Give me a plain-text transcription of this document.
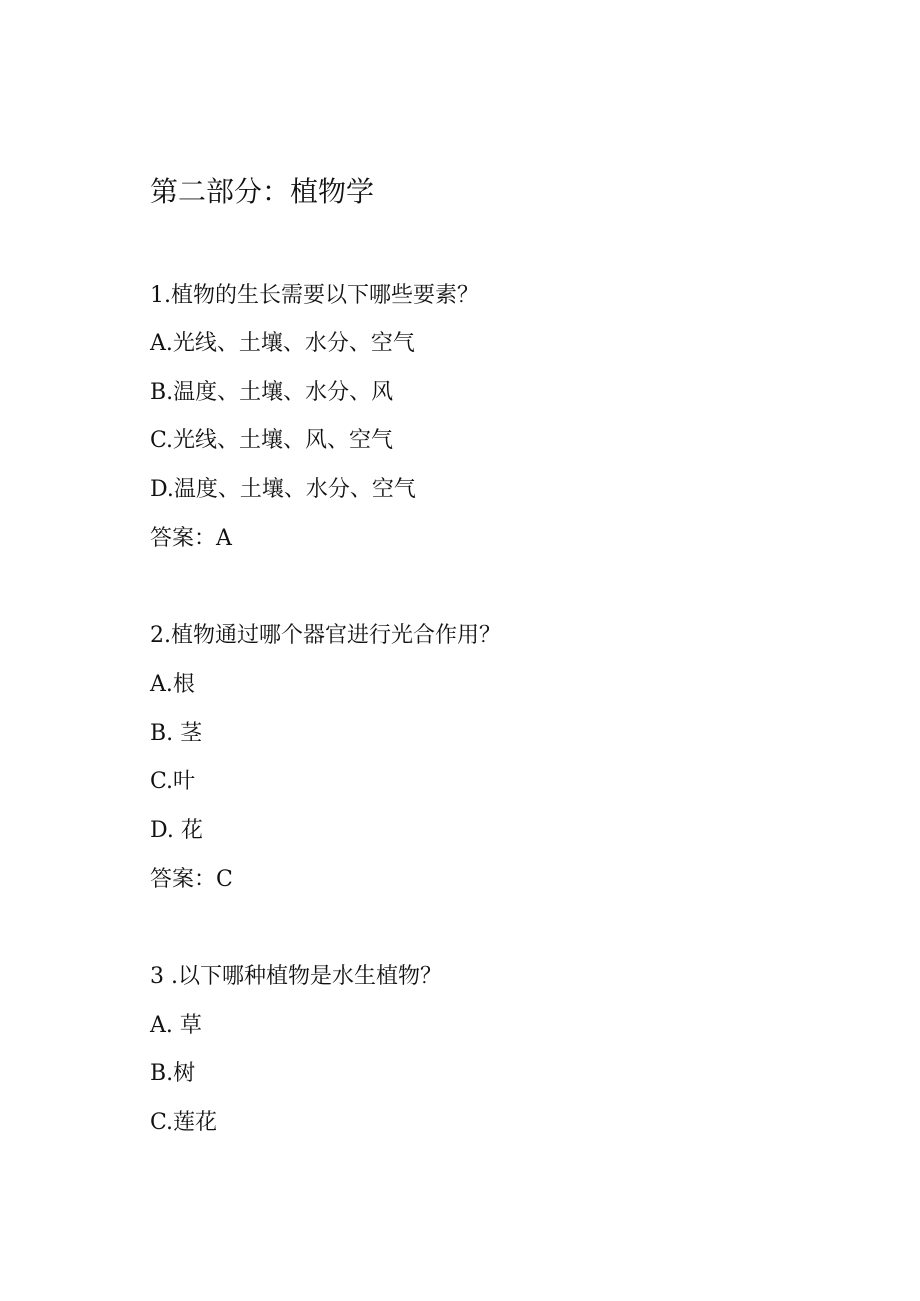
第二部分：植物学
1.植物的生长需要以下哪些要素？
A.光线、土壤、水分、空气
B.温度、土壤、水分、风
C.光线、土壤、风、空气
D.温度、土壤、水分、空气
答案：A
2.植物通过哪个器官进行光合作用？
A.根
B. 茎
C.叶
D. 花
答案：C
3 .以下哪种植物是水生植物？
A. 草
B.树
C.莲花
